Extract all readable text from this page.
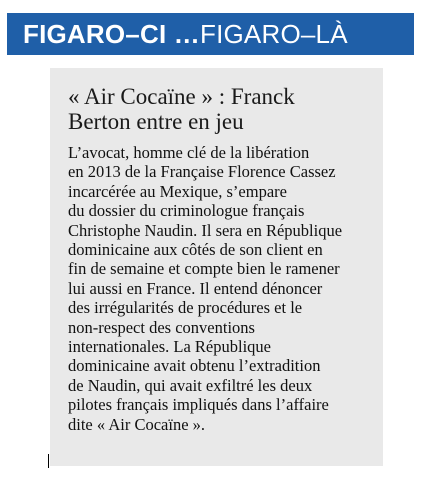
FIGARO–CI … FIGARO–LÀ
« Air Cocaïne » : Franck
Berton entre en jeu
L’avocat, homme clé de la libération
en 2013 de la Française Florence Cassez
incarcérée au Mexique, s’empare
du dossier du criminologue français
Christophe Naudin. Il sera en République
dominicaine aux côtés de son client en
fin de semaine et compte bien le ramener
lui aussi en France. Il entend dénoncer
des irrégularités de procédures et le
non-respect des conventions
internationales. La République
dominicaine avait obtenu l’extradition
de Naudin, qui avait exfiltré les deux
pilotes français impliqués dans l’affaire
dite « Air Cocaïne ».
